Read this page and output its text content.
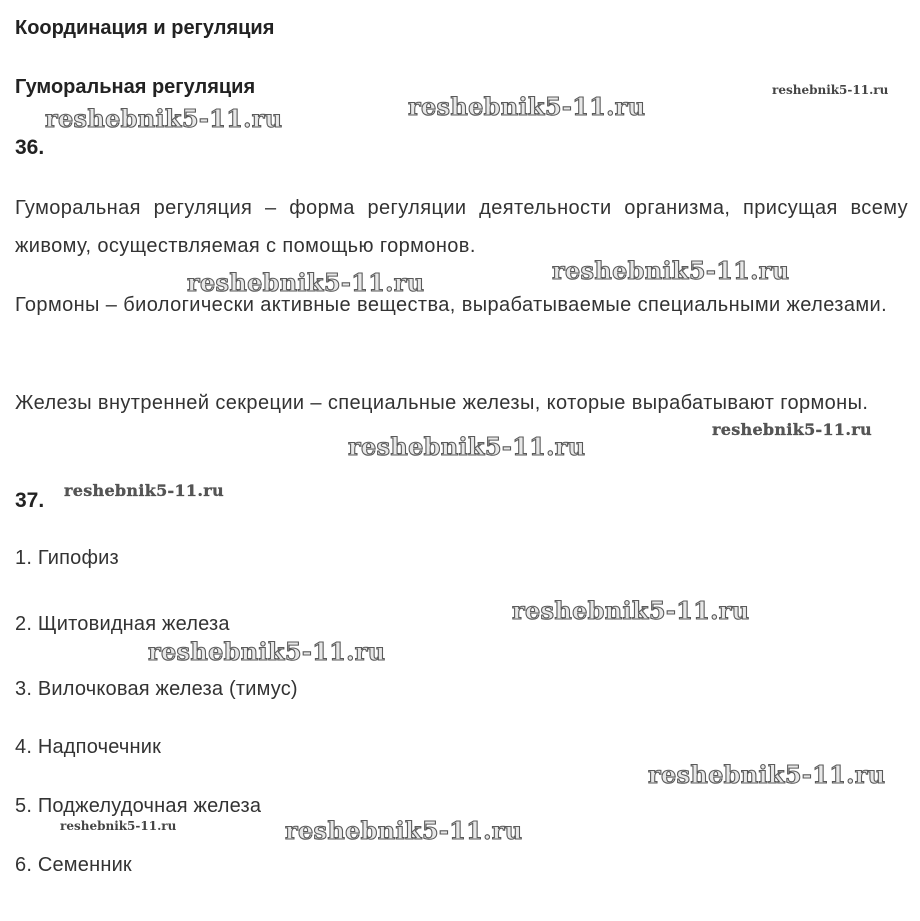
Координация и регуляция
Гуморальная регуляция
36.
Гуморальная регуляция – форма регуляции деятельности организма, присущая всему живому, осуществляемая с помощью гормонов.
Гормоны – биологически активные вещества, вырабатываемые специальными железами.
Железы внутренней секреции – специальные железы, которые вырабатывают гормоны.
37.
1. Гипофиз
2. Щитовидная железа
3. Вилочковая железа (тимус)
4. Надпочечник
5. Поджелудочная железа
6. Семенник
reshebnik5-11.ru
reshebnik5-11.ru
reshebnik5-11.ru
reshebnik5-11.ru
reshebnik5-11.ru
reshebnik5-11.ru
reshebnik5-11.ru
reshebnik5-11.ru
reshebnik5-11.ru
reshebnik5-11.ru
reshebnik5-11.ru
reshebnik5-11.ru	reshebnik5-11.ru
